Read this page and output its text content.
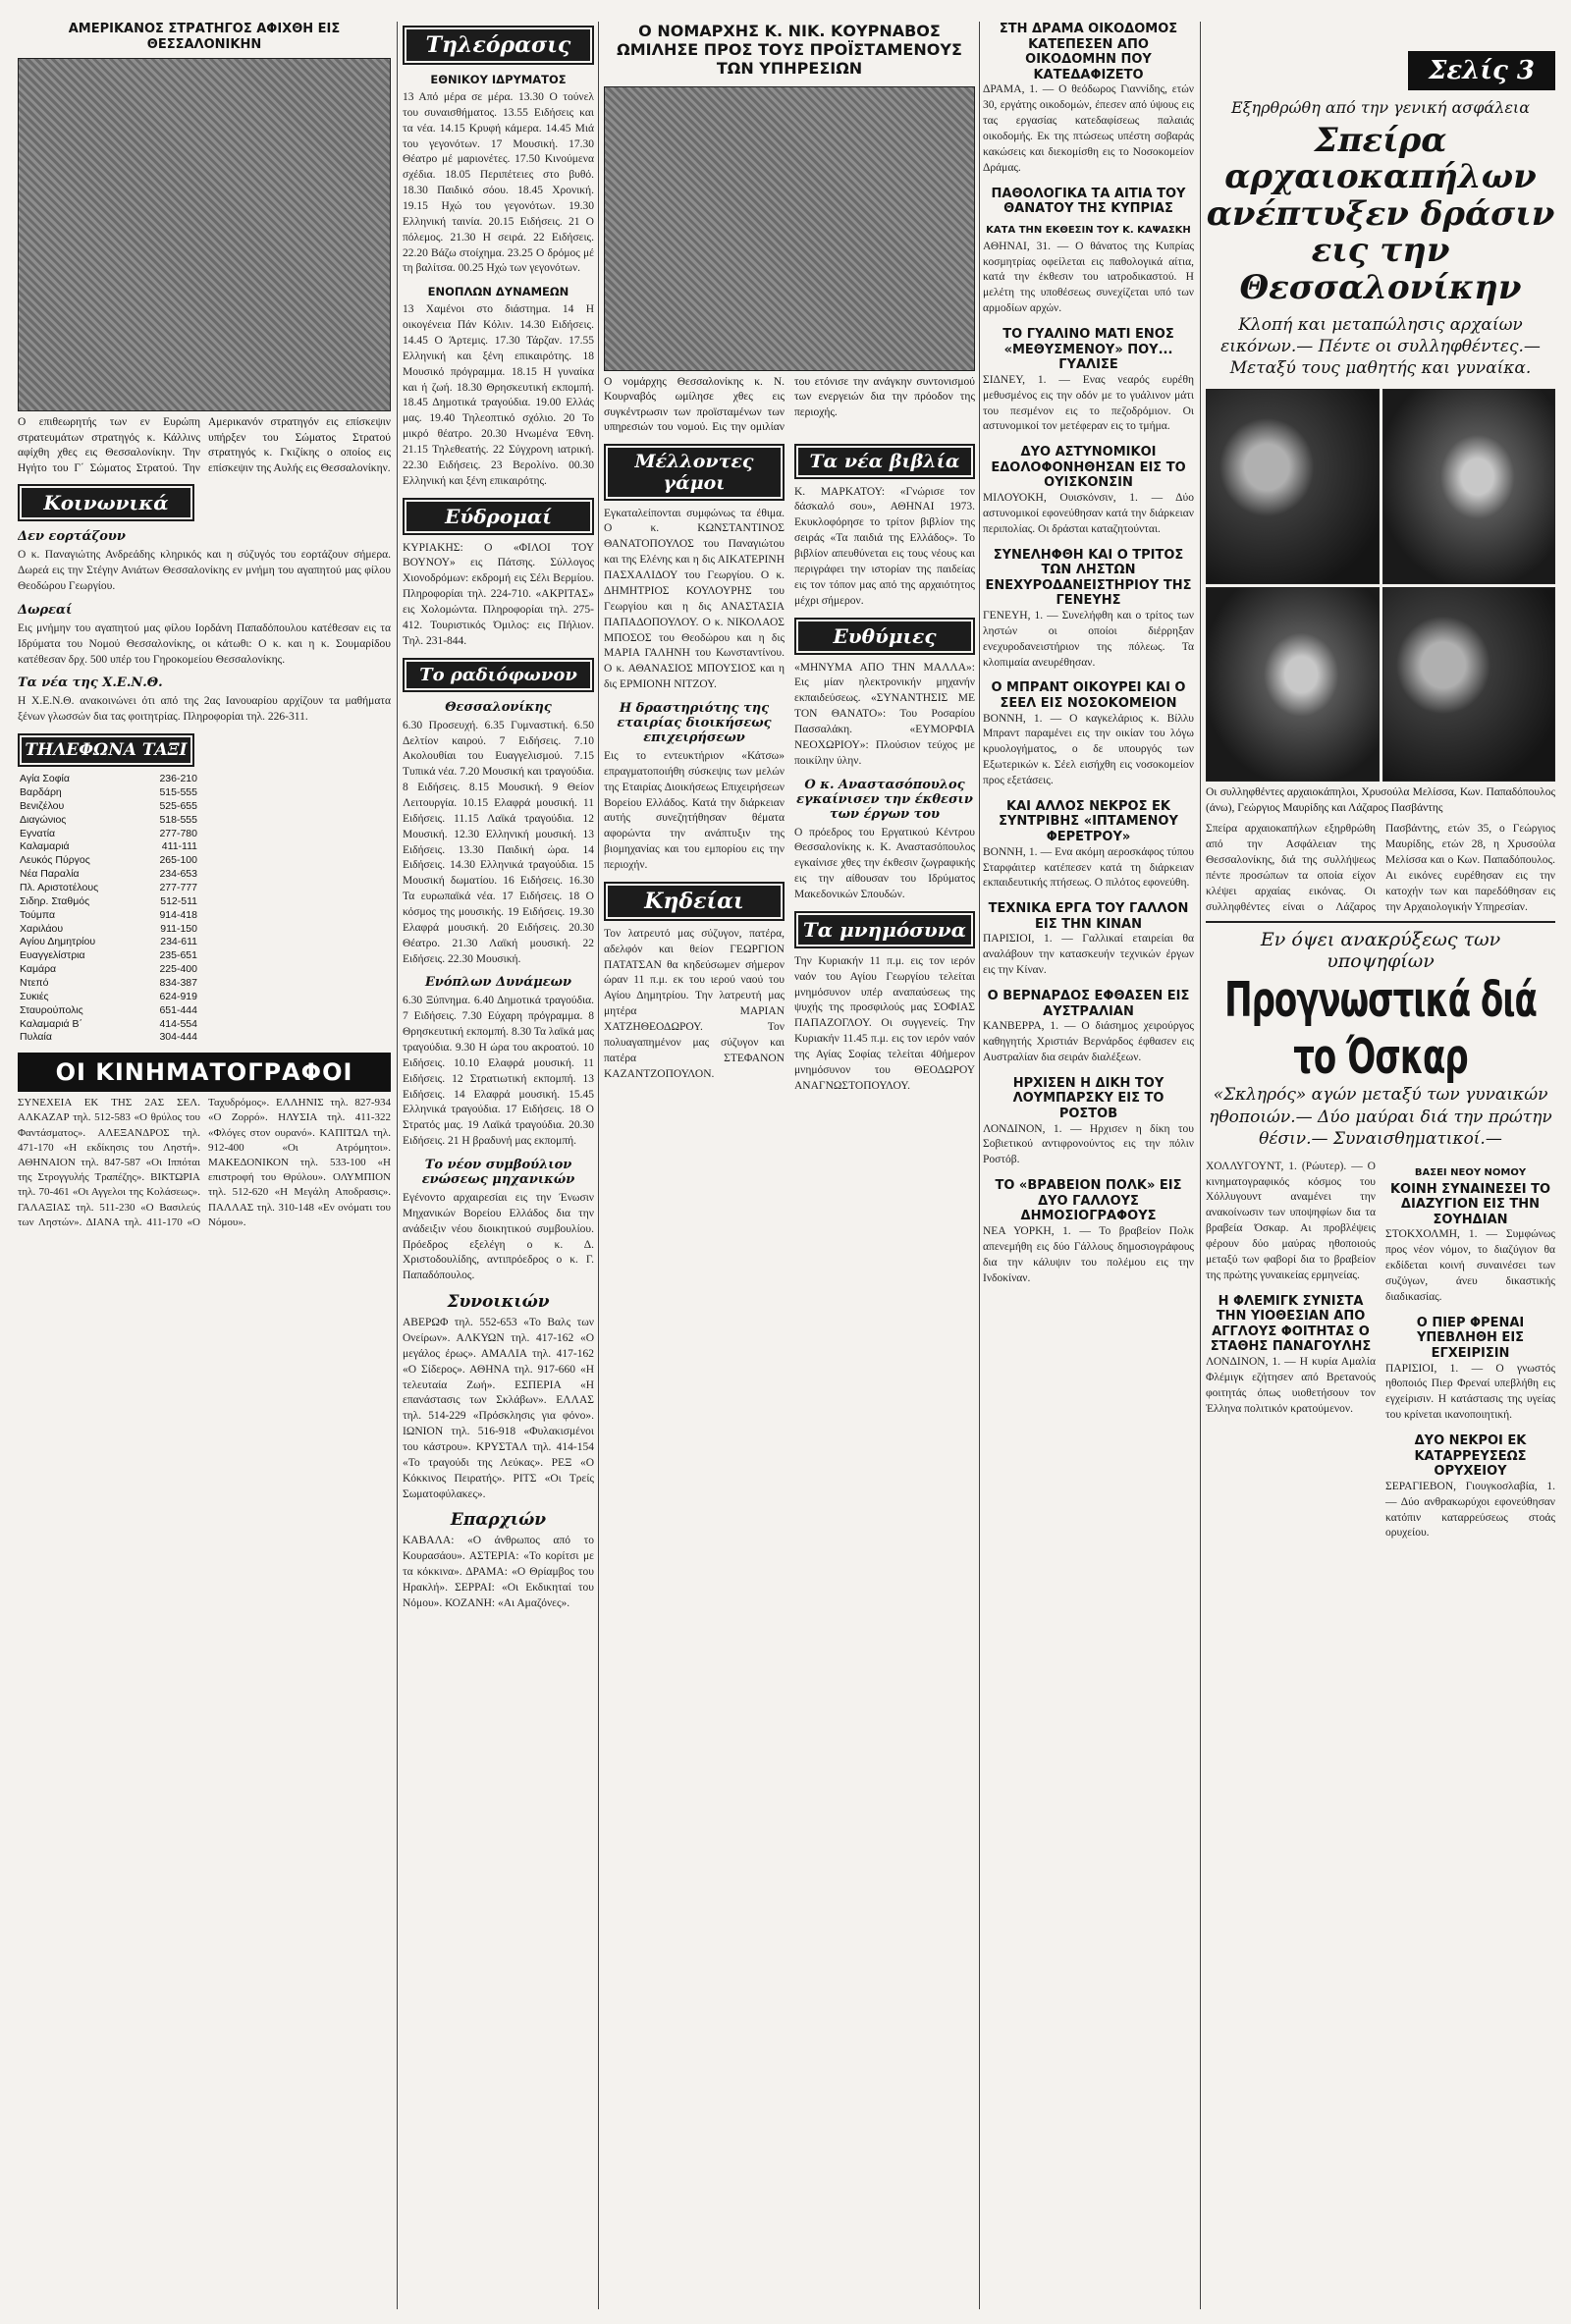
ΑΜΕΡΙΚΑΝΟΣ ΣΤΡΑΤΗΓΟΣ ΑΦΙΧΘΗ ΕΙΣ ΘΕΣΣΑΛΟΝΙΚΗΝ
Ο επιθεωρητής των εν Ευρώπη στρατευμάτων στρατηγός κ. Κάλλινς αφίχθη χθες εις Θεσσαλονίκην. Την Ηγήτο του Γ΄ Σώματος Στρατού. Την Αμερικανόν στρατηγόν εις επίσκεψιν υπήρξεν του Σώματος Στρατού στρατηγός κ. Γκιζίκης ο οποίος εις επίσκεψιν της Αυλής εις Θεσσαλονίκην.
Κοινωνικά
Δεν εορτάζουν
Ο κ. Παναγιώτης Ανδρεάδης κληρικός και η σύζυγός του εορτάζουν σήμερα. Δωρεά εις την Στέγην Ανιάτων Θεσσαλονίκης εν μνήμη του αγαπητού μας φίλου Θεοδώρου Γεωργίου.
Δωρεαί
Εις μνήμην του αγαπητού μας φίλου Ιορδάνη Παπαδόπουλου κατέθεσαν εις τα Ιδρύματα του Νομού Θεσσαλονίκης, οι κάτωθι: Ο κ. και η κ. Σουμαρίδου κατέθεσαν δρχ. 500 υπέρ του Γηροκομείου Θεσσαλονίκης.
Τα νέα της Χ.Ε.Ν.Θ.
Η Χ.Ε.Ν.Θ. ανακοινώνει ότι από της 2ας Ιανουαρίου αρχίζουν τα μαθήματα ξένων γλωσσών δια τας φοιτητρίας. Πληροφορίαι τηλ. 226-311.
ΤΗΛΕΦΩΝΑ ΤΑΞΙ
Αγία Σοφία	236-210
Βαρδάρη	515-555
Βενιζέλου	525-655
Διαγώνιος	518-555
Εγνατία	277-780
Καλαμαριά	411-111
Λευκός Πύργος	265-100
Νέα Παραλία	234-653
Πλ. Αριστοτέλους	277-777
Σιδηρ. Σταθμός	512-511
Τούμπα	914-418
Χαριλάου	911-150
Αγίου Δημητρίου	234-611
Ευαγγελίστρια	235-651
Καμάρα	225-400
Ντεπό	834-387
Συκιές	624-919
Σταυρούπολις	651-444
Καλαμαριά Β΄	414-554
Πυλαία	304-444
ΟΙ ΚΙΝΗΜΑΤΟΓΡΑΦΟΙ
ΣΥΝΕΧΕΙΑ ΕΚ ΤΗΣ 2ΑΣ ΣΕΛ. ΑΛΚΑΖΑΡ τηλ. 512-583 «Ο θρύλος του Φαντάσματος». ΑΛΕΞΑΝΔΡΟΣ τηλ. 471-170 «Η εκδίκησις του Ληστή». ΑΘΗΝΑΙΟΝ τηλ. 847-587 «Οι Ιππόται της Στρογγυλής Τραπέζης». ΒΙΚΤΩΡΙΑ τηλ. 70-461 «Οι Αγγελοι της Κολάσεως». ΓΑΛΑΞΙΑΣ τηλ. 511-230 «Ο Βασιλεύς των Ληστών». ΔΙΑΝΑ τηλ. 411-170 «Ο Ταχυδρόμος». ΕΛΛΗΝΙΣ τηλ. 827-934 «Ο Ζορρό». ΗΛΥΣΙΑ τηλ. 411-322 «Φλόγες στον ουρανό». ΚΑΠΙΤΩΛ τηλ. 912-400 «Οι Ατρόμητοι». ΜΑΚΕΔΟΝΙΚΟΝ τηλ. 533-100 «Η επιστροφή του Θρύλου». ΟΛΥΜΠΙΟΝ τηλ. 512-620 «Η Μεγάλη Αποδρασις». ΠΑΛΛΑΣ τηλ. 310-148 «Εν ονόματι του Νόμου».
Τηλεόρασις
ΕΘΝΙΚΟΥ ΙΔΡΥΜΑΤΟΣ
13 Από μέρα σε μέρα. 13.30 Ο τούνελ του συναισθήματος. 13.55 Ειδήσεις και τα νέα. 14.15 Κρυφή κάμερα. 14.45 Μιά του γεγονότων. 17 Μουσική. 17.30 Θέατρο μέ μαριονέτες. 17.50 Κινούμενα σχέδια. 18.05 Περιπέτειες στο βυθό. 18.30 Παιδικό σόου. 18.45 Χρονική. 19.15 Ηχώ του γεγονότων. 19.30 Ελληνική ταινία. 20.15 Ειδήσεις. 21 Ο πόλεμος. 21.30 Η σειρά. 22 Ειδήσεις. 22.20 Βάζω στοίχημα. 23.25 Ο δρόμος μέ τη βαλίτσα. 00.25 Ηχώ των γεγονότων.
ΕΝΟΠΛΩΝ ΔΥΝΑΜΕΩΝ
13 Χαμένοι στο διάστημα. 14 Η οικογένεια Πάν Κόλιν. 14.30 Ειδήσεις. 14.45 Ο Άρτεμις. 17.30 Τάρζαν. 17.55 Ελληνική και ξένη επικαιρότης. 18 Μουσικό πρόγραμμα. 18.15 Η γυναίκα και ή ζωή. 18.30 Θρησκευτική εκπομπή. 18.45 Δημοτικά τραγούδια. 19.00 Ελλάς μας. 19.40 Τηλεοπτικό σχόλιο. 20 Το μικρό θέατρο. 20.30 Ηνωμένα Έθνη. 21.15 Τηλεθεατής. 22 Σύγχρονη ιατρική. 22.30 Ειδήσεις. 23 Βερολίνο. 00.30 Ελληνική και ξένη επικαιρότης.
Εύδρομαί
ΚΥΡΙΑΚΗΣ: Ο «ΦΙΛΟΙ ΤΟΥ ΒΟΥΝΟΥ» εις Πάτσης. Σύλλογος Χιονοδρόμων: εκδρομή εις Σέλι Βερμίου. Πληροφορίαι τηλ. 224-710. «ΑΚΡΙΤΑΣ» εις Χολομώντα. Πληροφορίαι τηλ. 275-412. Τουριστικός Όμιλος: εις Πήλιον. Τηλ. 231-844.
Το ραδιόφωνον
Θεσσαλονίκης
6.30 Προσευχή. 6.35 Γυμναστική. 6.50 Δελτίον καιρού. 7 Ειδήσεις. 7.10 Ακολουθίαι του Ευαγγελισμού. 7.15 Τυπικά νέα. 7.20 Μουσική και τραγούδια. 8 Ειδήσεις. 8.15 Μουσική. 9 Θείον Λειτουργία. 10.15 Ελαφρά μουσική. 11 Ειδήσεις. 11.15 Λαϊκά τραγούδια. 12 Μουσική. 12.30 Ελληνική μουσική. 13 Ειδήσεις. 13.30 Παιδική ώρα. 14 Ειδήσεις. 14.30 Ελληνικά τραγούδια. 15 Μουσική δωματίου. 16 Ειδήσεις. 16.30 Τα ευρωπαϊκά νέα. 17 Ειδήσεις. 18 Ο κόσμος της μουσικής. 19 Ειδήσεις. 19.30 Ελαφρά μουσική. 20 Ειδήσεις. 20.30 Θέατρο. 21.30 Λαϊκή μουσική. 22 Ειδήσεις. 22.30 Μουσική.
Ενόπλων Δυνάμεων
6.30 Ξύπνημα. 6.40 Δημοτικά τραγούδια. 7 Ειδήσεις. 7.30 Εύχαρη πρόγραμμα. 8 Θρησκευτική εκπομπή. 8.30 Τα λαϊκά μας τραγούδια. 9.30 Η ώρα του ακροατού. 10 Ειδήσεις. 10.10 Ελαφρά μουσική. 11 Ειδήσεις. 12 Στρατιωτική εκπομπή. 13 Ειδήσεις. 14 Ελαφρά μουσική. 15.45 Ελληνικά τραγούδια. 17 Ειδήσεις. 18 Ο Στρατός μας. 19 Λαϊκά τραγούδια. 20.30 Ειδήσεις. 21 Η βραδυνή μας εκπομπή.
Το νέον συμβούλιον ενώσεως μηχανικών
Εγένοντο αρχαιρεσίαι εις την Ένωσιν Μηχανικών Βορείου Ελλάδος δια την ανάδειξιν νέου διοικητικού συμβουλίου. Πρόεδρος εξελέγη ο κ. Δ. Χριστοδουλίδης, αντιπρόεδρος ο κ. Γ. Παπαδόπουλος.
Συνοικιών
ΑΒΕΡΩΦ τηλ. 552-653 «Το Βαλς των Ονείρων». ΑΛΚΥΩΝ τηλ. 417-162 «Ο μεγάλος έρως». ΑΜΑΛΙΑ τηλ. 417-162 «Ο Σίδερος». ΑΘΗΝΑ τηλ. 917-660 «Η τελευταία Ζωή». ΕΣΠΕΡΙΑ «Η επανάστασις των Σκλάβων». ΕΛΛΑΣ τηλ. 514-229 «Πρόσκλησις για φόνο». ΙΩΝΙΟΝ τηλ. 516-918 «Φυλακισμένοι του κάστρου». ΚΡΥΣΤΑΛ τηλ. 414-154 «Το τραγούδι της Λεύκας». ΡΕΞ «Ο Κόκκινος Πειρατής». ΡΙΤΣ «Οι Τρείς Σωματοφύλακες».
Επαρχιών
ΚΑΒΑΛΑ: «Ο άνθρωπος από το Κουρασάου». ΑΣΤΕΡΙΑ: «Το κορίτσι με τα κόκκινα». ΔΡΑΜΑ: «Ο Θρίαμβος του Ηρακλή». ΣΕΡΡΑΙ: «Οι Εκδικηταί του Νόμου». ΚΟΖΑΝΗ: «Αι Αμαζόνες».
Ο ΝΟΜΑΡΧΗΣ Κ. ΝΙΚ. ΚΟΥΡΝΑΒΟΣ ΩΜΙΛΗΣΕ ΠΡΟΣ ΤΟΥΣ ΠΡΟΪΣΤΑΜΕΝΟΥΣ ΤΩΝ ΥΠΗΡΕΣΙΩΝ
Ο νομάρχης Θεσσαλονίκης κ. Ν. Κουρναβός ωμίλησε χθες εις συγκέντρωσιν των προϊσταμένων των υπηρεσιών του νομού. Εις την ομιλίαν του ετόνισε την ανάγκην συντονισμού των ενεργειών δια την πρόοδον της περιοχής.
Μέλλοντες γάμοι
Εγκαταλείπονται συμφώνως τα έθιμα. Ο κ. ΚΩΝΣΤΑΝΤΙΝΟΣ ΘΑΝΑΤΟΠΟΥΛΟΣ του Παναγιώτου και της Ελένης και η δις ΑΙΚΑΤΕΡΙΝΗ ΠΑΣΧΑΛΙΔΟΥ του Γεωργίου. Ο κ. ΔΗΜΗΤΡΙΟΣ ΚΟΥΛΟΥΡΗΣ του Γεωργίου και η δις ΑΝΑΣΤΑΣΙΑ ΠΑΠΑΔΟΠΟΥΛΟΥ. Ο κ. ΝΙΚΟΛΑΟΣ ΜΠΟΣΟΣ του Θεοδώρου και η δις ΜΑΡΙΑ ΓΑΛΗΝΗ του Κωνσταντίνου. Ο κ. ΑΘΑΝΑΣΙΟΣ ΜΠΟΥΣΙΟΣ και η δις ΕΡΜΙΟΝΗ ΝΙΤΖΟΥ.
Η δραστηριότης της εταιρίας διοικήσεως επιχειρήσεων
Εις το εντευκτήριον «Κάτσω» επραγματοποιήθη σύσκεψις των μελών της Εταιρίας Διοικήσεως Επιχειρήσεων Βορείου Ελλάδος. Κατά την διάρκειαν αυτής συνεζητήθησαν θέματα αφορώντα την ανάπτυξιν της βιομηχανίας και του εμπορίου εις την περιοχήν.
Κηδείαι
Τον λατρευτό μας σύζυγον, πατέρα, αδελφόν και θείον ΓΕΩΡΓΙΟΝ ΠΑΤΑΤΣΑΝ θα κηδεύσωμεν σήμερον ώραν 11 π.μ. εκ του ιερού ναού του Αγίου Δημητρίου. Την λατρευτή μας μητέρα ΜΑΡΙΑΝ ΧΑΤΖΗΘΕΟΔΩΡΟΥ. Τον πολυαγαπημένον μας σύζυγον και πατέρα ΣΤΕΦΑΝΟΝ ΚΑΖΑΝΤΖΟΠΟΥΛΟΝ.
Τα νέα βιβλία
Κ. ΜΑΡΚΑΤΟΥ: «Γνώρισε τον δάσκαλό σου», ΑΘΗΝΑΙ 1973. Εκυκλοφόρησε το τρίτον βιβλίον της σειράς «Τα παιδιά της Ελλάδος». Το βιβλίον απευθύνεται εις τους νέους και περιγράφει την ιστορίαν της παιδείας εις τον τόπον μας από της αρχαιότητος μέχρι σήμερον.
Ευθύμιες
«ΜΗΝΥΜΑ ΑΠΟ ΤΗΝ ΜΑΛΛΑ»: Εις μίαν ηλεκτρονικήν μηχανήν εκπαιδεύσεως. «ΣΥΝΑΝΤΗΣΙΣ ΜΕ ΤΟΝ ΘΑΝΑΤΟ»: Του Ροσαρίου Πασσαλάκη. «ΕΥΜΟΡΦΙΑ ΝΕΟΧΩΡΙΟΥ»: Πλούσιον τεύχος με ποικίλην ύλην.
Ο κ. Αναστασόπουλος εγκαίνισεν την έκθεσιν των έργων του
Ο πρόεδρος του Εργατικού Κέντρου Θεσσαλονίκης κ. Κ. Αναστασόπουλος εγκαίνισε χθες την έκθεσιν ζωγραφικής εις την αίθουσαν του Ιδρύματος Μακεδονικών Σπουδών.
Τα μνημόσυνα
Την Κυριακήν 11 π.μ. εις τον ιερόν ναόν του Αγίου Γεωργίου τελείται μνημόσυνον υπέρ αναπαύσεως της ψυχής της προσφιλούς μας ΣΟΦΙΑΣ ΠΑΠΑΖΟΓΛΟΥ. Οι συγγενείς. Την Κυριακήν 11.45 π.μ. εις τον ιερόν ναόν της Αγίας Σοφίας τελείται 40ήμερον μνημόσυνον του ΘΕΟΔΩΡΟΥ ΑΝΑΓΝΩΣΤΟΠΟΥΛΟΥ.
ΣΤΗ ΔΡΑΜΑ ΟΙΚΟΔΟΜΟΣ ΚΑΤΕΠΕΣΕΝ ΑΠΟ ΟΙΚΟΔΟΜΗΝ ΠΟΥ ΚΑΤΕΔΑΦΙΖΕΤΟ
ΔΡΑΜΑ, 1. — Ο θεόδωρος Γιαννίδης, ετών 30, εργάτης οικοδομών, έπεσεν από ύψους εις τας εργασίας κατεδαφίσεως παλαιάς οικοδομής. Εκ της πτώσεως υπέστη σοβαράς κακώσεις και διεκομίσθη εις το Νοσοκομείον Δράμας.
ΠΑΘΟΛΟΓΙΚΑ ΤΑ ΑΙΤΙΑ ΤΟΥ ΘΑΝΑΤΟΥ ΤΗΣ ΚΥΠΡΙΑΣ
ΚΑΤΑ ΤΗΝ ΕΚΘΕΣΙΝ ΤΟΥ Κ. ΚΑΨΑΣΚΗ
ΑΘΗΝΑΙ, 31. — Ο θάνατος της Κυπρίας κοσμητρίας οφείλεται εις παθολογικά αίτια, κατά την έκθεσιν του ιατροδικαστού. Η μελέτη της υποθέσεως συνεχίζεται υπό των αρμοδίων αρχών.
ΤΟ ΓΥΑΛΙΝΟ ΜΑΤΙ ΕΝΟΣ «ΜΕΘΥΣΜΕΝΟΥ» ΠΟΥ... ΓΥΑΛΙΣΕ
ΣΙΔΝΕΥ, 1. — Ενας νεαρός ευρέθη μεθυσμένος εις την οδόν με το γυάλινον μάτι του πεσμένον εις το πεζοδρόμιον. Οι αστυνομικοί τον μετέφεραν εις το τμήμα.
ΔΥΟ ΑΣΤΥΝΟΜΙΚΟΙ ΕΔΟΛΟΦΟΝΗΘΗΣΑΝ ΕΙΣ ΤΟ ΟΥΙΣΚΟΝΣΙΝ
ΜΙΛΟΥΟΚΗ, Ουισκόνσιν, 1. — Δύο αστυνομικοί εφονεύθησαν κατά την διάρκειαν περιπολίας. Οι δράσται καταζητούνται.
ΣΥΝΕΛΗΦΘΗ ΚΑΙ Ο ΤΡΙΤΟΣ ΤΩΝ ΛΗΣΤΩΝ ΕΝΕΧΥΡΟΔΑΝΕΙΣΤΗΡΙΟΥ ΤΗΣ ΓΕΝΕΥΗΣ
ΓΕΝΕΥΗ, 1. — Συνελήφθη και ο τρίτος των ληστών οι οποίοι διέρρηξαν ενεχυροδανειστήριον της πόλεως. Τα κλοπιμαία ανευρέθησαν.
Ο ΜΠΡΑΝΤ ΟΙΚΟΥΡΕΙ ΚΑΙ Ο ΣΕΕΛ ΕΙΣ ΝΟΣΟΚΟΜΕΙΟΝ
ΒΟΝΝΗ, 1. — Ο καγκελάριος κ. Βίλλυ Μπραντ παραμένει εις την οικίαν του λόγω κρυολογήματος, ο δε υπουργός των Εξωτερικών κ. Σέελ εισήχθη εις νοσοκομείον προς εξετάσεις.
ΚΑΙ ΑΛΛΟΣ ΝΕΚΡΟΣ ΕΚ ΣΥΝΤΡΙΒΗΣ «ΙΠΤΑΜΕΝΟΥ ΦΕΡΕΤΡΟΥ»
ΒΟΝΝΗ, 1. — Ενα ακόμη αεροσκάφος τύπου Σταρφάιτερ κατέπεσεν κατά τη διάρκειαν εκπαιδευτικής πτήσεως. Ο πιλότος εφονεύθη.
ΤΕΧΝΙΚΑ ΕΡΓΑ ΤΟΥ ΓΑΛΛΟΝ ΕΙΣ ΤΗΝ ΚΙΝΑΝ
ΠΑΡΙΣΙΟΙ, 1. — Γαλλικαί εταιρείαι θα αναλάβουν την κατασκευήν τεχνικών έργων εις την Κίναν.
Ο ΒΕΡΝΑΡΔΟΣ ΕΦΘΑΣΕΝ ΕΙΣ ΑΥΣΤΡΑΛΙΑΝ
ΚΑΝΒΕΡΡΑ, 1. — Ο διάσημος χειρούργος καθηγητής Χριστιάν Βερνάρδος έφθασεν εις Αυστραλίαν δια σειράν διαλέξεων.
ΗΡΧΙΣΕΝ Η ΔΙΚΗ ΤΟΥ ΛΟΥΜΠΑΡΣΚΥ ΕΙΣ ΤΟ ΡΟΣΤΟΒ
ΛΟΝΔΙΝΟΝ, 1. — Ηρχισεν η δίκη του Σοβιετικού αντιφρονούντος εις την πόλιν Ροστόβ.
ΤΟ «ΒΡΑΒΕΙΟΝ ΠΟΛΚ» ΕΙΣ ΔΥΟ ΓΑΛΛΟΥΣ ΔΗΜΟΣΙΟΓΡΑΦΟΥΣ
ΝΕΑ ΥΟΡΚΗ, 1. — Το βραβείον Πολκ απενεμήθη εις δύο Γάλλους δημοσιογράφους δια την κάλυψιν του πολέμου εις την Ινδοκίναν.
Σελίς 3
Εξηρθρώθη από την γενική ασφάλεια
Σπείρα αρχαιοκαπήλων ανέπτυξεν δράσιν εις την Θεσσαλονίκην
Κλοπή και μεταπώλησις αρχαίων εικόνων.— Πέντε οι συλληφθέντες.— Μεταξύ τους μαθητής και γυναίκα.
Οι συλληφθέντες αρχαιοκάπηλοι, Χρυσούλα Μελίσσα, Κων. Παπαδόπουλος (άνω), Γεώργιος Μαυρίδης και Λάζαρος Πασβάντης
Σπείρα αρχαιοκαπήλων εξηρθρώθη από την Ασφάλειαν της Θεσσαλονίκης, διά της συλλήψεως πέντε προσώπων τα οποία είχον κλέψει αρχαίας εικόνας. Οι συλληφθέντες είναι ο Λάζαρος Πασβάντης, ετών 35, ο Γεώργιος Μαυρίδης, ετών 28, η Χρυσούλα Μελίσσα και ο Κων. Παπαδόπουλος. Αι εικόνες ευρέθησαν εις την κατοχήν των και παρεδόθησαν εις την Αρχαιολογικήν Υπηρεσίαν.
Εν όψει ανακρύξεως των υποψηφίων
Προγνωστικά διά το Όσκαρ
«Σκληρός» αγών μεταξύ των γυναικών ηθοποιών.— Δύο μαύραι διά την πρώτην θέσιν.— Συναισθηματικοί.—
ΧΟΛΛΥΓΟΥΝΤ, 1. (Ρώυτερ). — Ο κινηματογραφικός κόσμος του Χόλλυγουντ αναμένει την ανακοίνωσιν των υποψηφίων δια τα βραβεία Όσκαρ. Αι προβλέψεις φέρουν δύο μαύρας ηθοποιούς μεταξύ των φαβορί δια το βραβείον της πρώτης γυναικείας ερμηνείας.
Η ΦΛΕΜΙΓΚ ΣΥΝΙΣΤΑ ΤΗΝ ΥΙΟΘΕΣΙΑΝ ΑΠΟ ΑΓΓΛΟΥΣ ΦΟΙΤΗΤΑΣ Ο ΣΤΑΘΗΣ ΠΑΝΑΓΟΥΛΗΣ
ΛΟΝΔΙΝΟΝ, 1. — Η κυρία Αμαλία Φλέμιγκ εζήτησεν από Βρετανούς φοιτητάς όπως υιοθετήσουν τον Έλληνα πολιτικόν κρατούμενον.
ΒΑΣΕΙ ΝΕΟΥ ΝΟΜΟΥ
ΚΟΙΝΗ ΣΥΝΑΙΝΕΣΕΙ ΤΟ ΔΙΑΖΥΓΙΟΝ ΕΙΣ ΤΗΝ ΣΟΥΗΔΙΑΝ
ΣΤΟΚΧΟΛΜΗ, 1. — Συμφώνως προς νέον νόμον, το διαζύγιον θα εκδίδεται κοινή συναινέσει των συζύγων, άνευ δικαστικής διαδικασίας.
Ο ΠΙΕΡ ΦΡΕΝΑΙ ΥΠΕΒΛΗΘΗ ΕΙΣ ΕΓΧΕΙΡΙΣΙΝ
ΠΑΡΙΣΙΟΙ, 1. — Ο γνωστός ηθοποιός Πιερ Φρεναί υπεβλήθη εις εγχείρισιν. Η κατάστασις της υγείας του κρίνεται ικανοποιητική.
ΔΥΟ ΝΕΚΡΟΙ ΕΚ ΚΑΤΑΡΡΕΥΣΕΩΣ ΟΡΥΧΕΙΟΥ
ΣΕΡΑΓΙΕΒΟΝ, Γιουγκοσλαβία, 1. — Δύο ανθρακωρύχοι εφονεύθησαν κατόπιν καταρρεύσεως στοάς ορυχείου.
